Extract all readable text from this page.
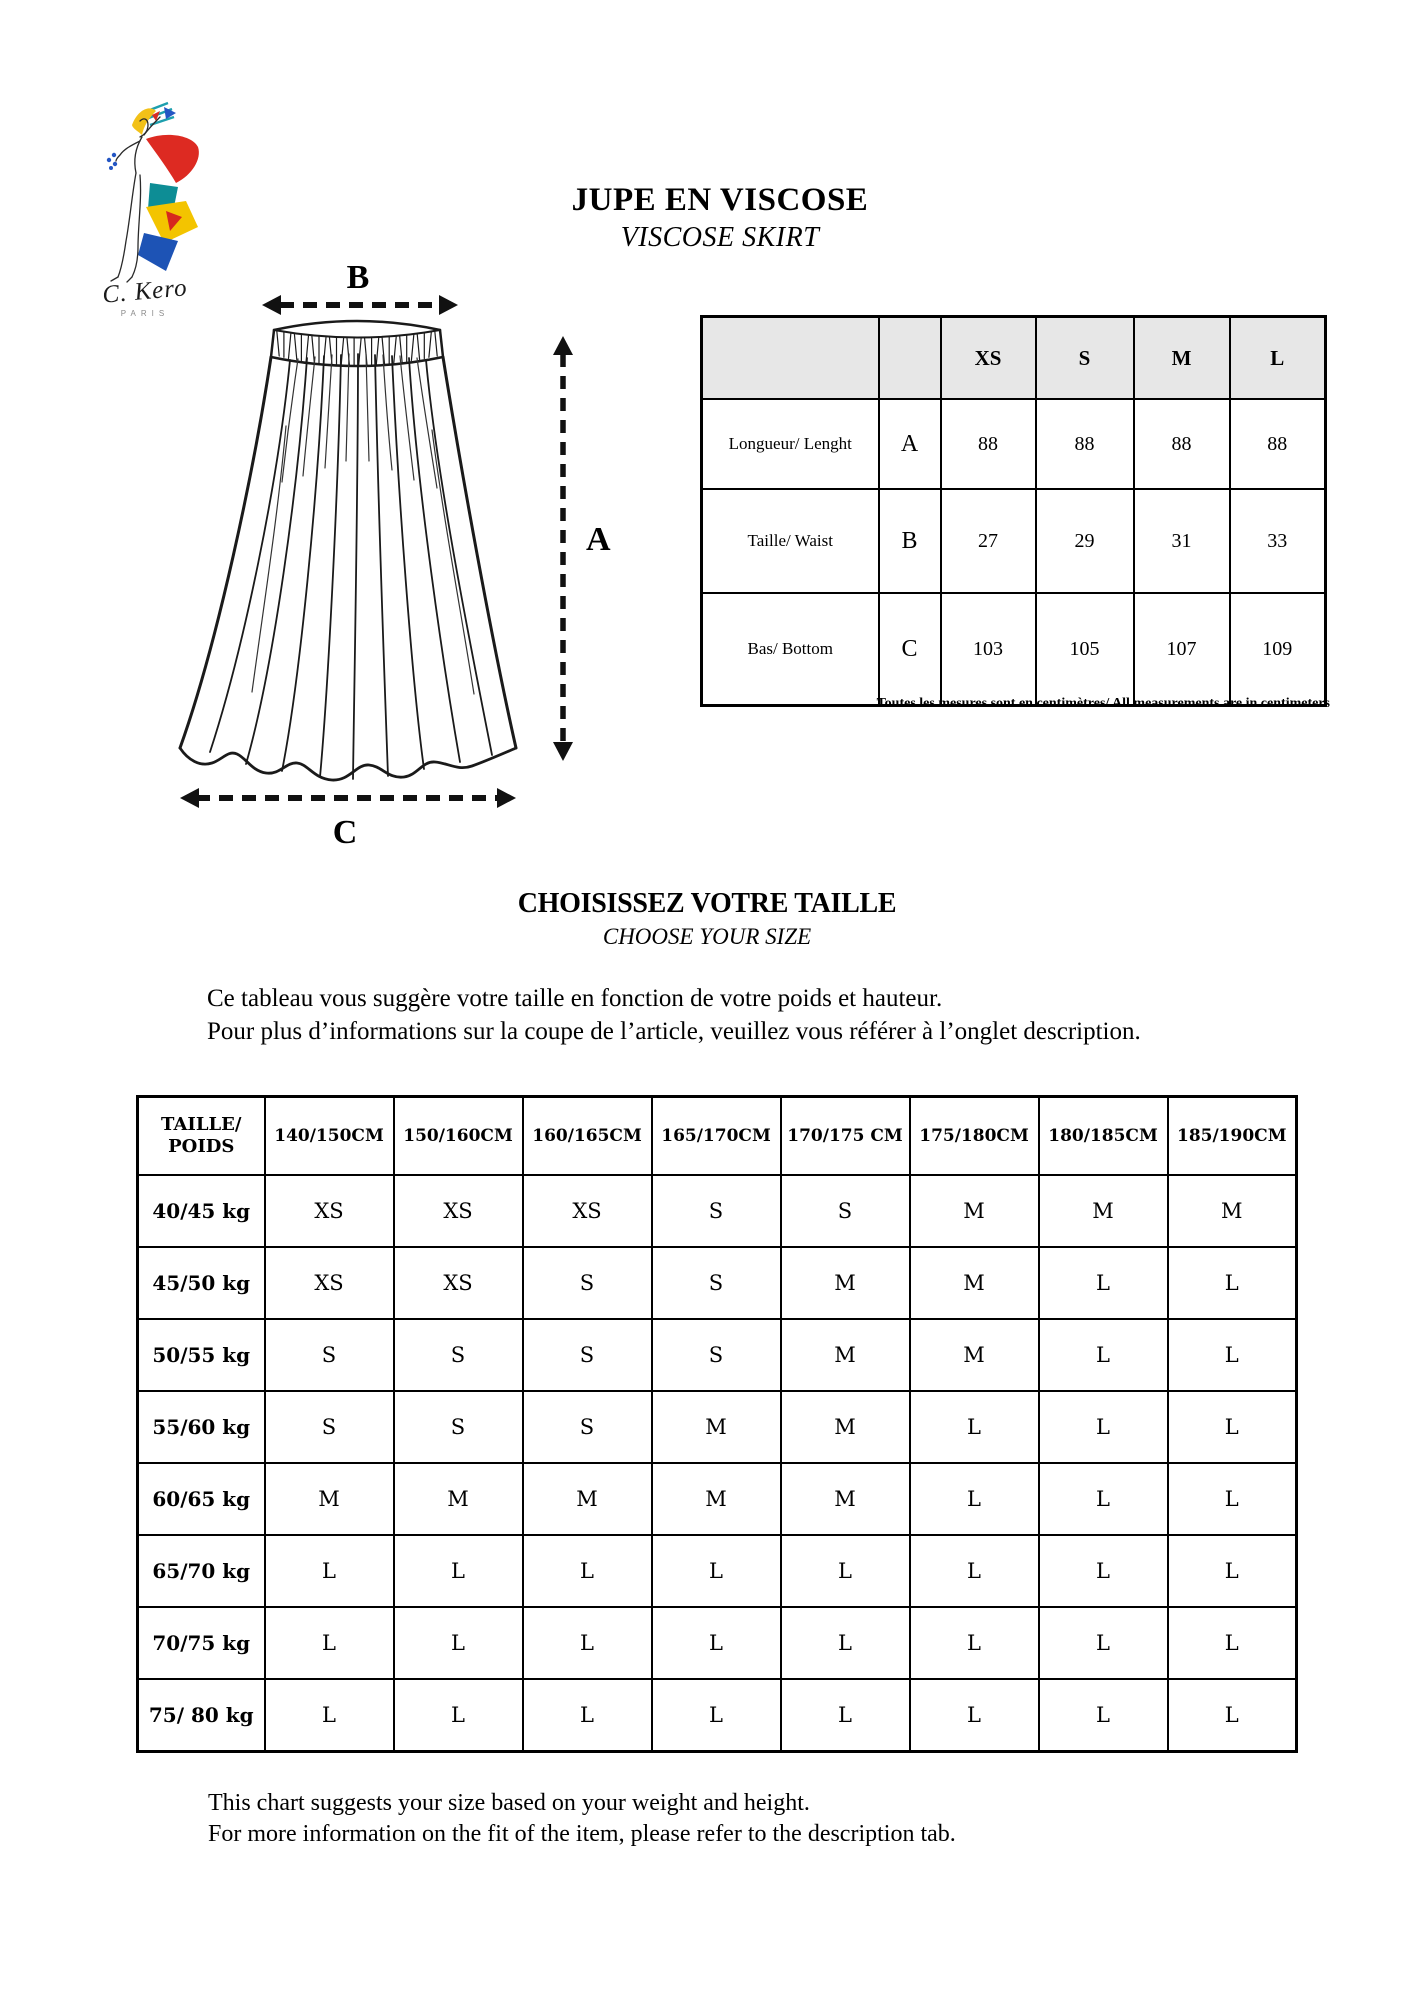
C. Kero
PARIS
JUPE EN VISCOSE
VISCOSE SKIRT
B
A
C
		XS	S	M	L
Longueur/ Lenght	A	88	88	88	88
Taille/ Waist	B	27	29	31	33
Bas/ Bottom	C	103	105	107	109
Toutes les mesures sont en centimètres/ All measurements are in centimeters
CHOISISSEZ VOTRE TAILLE
CHOOSE YOUR SIZE
Ce tableau vous suggère votre taille en fonction de votre poids et hauteur.
Pour plus d’informations sur la coupe de l’article, veuillez vous référer à l’onglet description.
TAILLE/
POIDS	140/150CM	150/160CM	160/165CM	165/170CM	170/175 CM	175/180CM	180/185CM	185/190CM
40/45 kg	XS	XS	XS	S	S	M	M	M
45/50 kg	XS	XS	S	S	M	M	L	L
50/55 kg	S	S	S	S	M	M	L	L
55/60 kg	S	S	S	M	M	L	L	L
60/65 kg	M	M	M	M	M	L	L	L
65/70 kg	L	L	L	L	L	L	L	L
70/75 kg	L	L	L	L	L	L	L	L
75/ 80 kg	L	L	L	L	L	L	L	L
This chart suggests your size based on your weight and height.
For more information on the fit of the item, please refer to the description tab.
